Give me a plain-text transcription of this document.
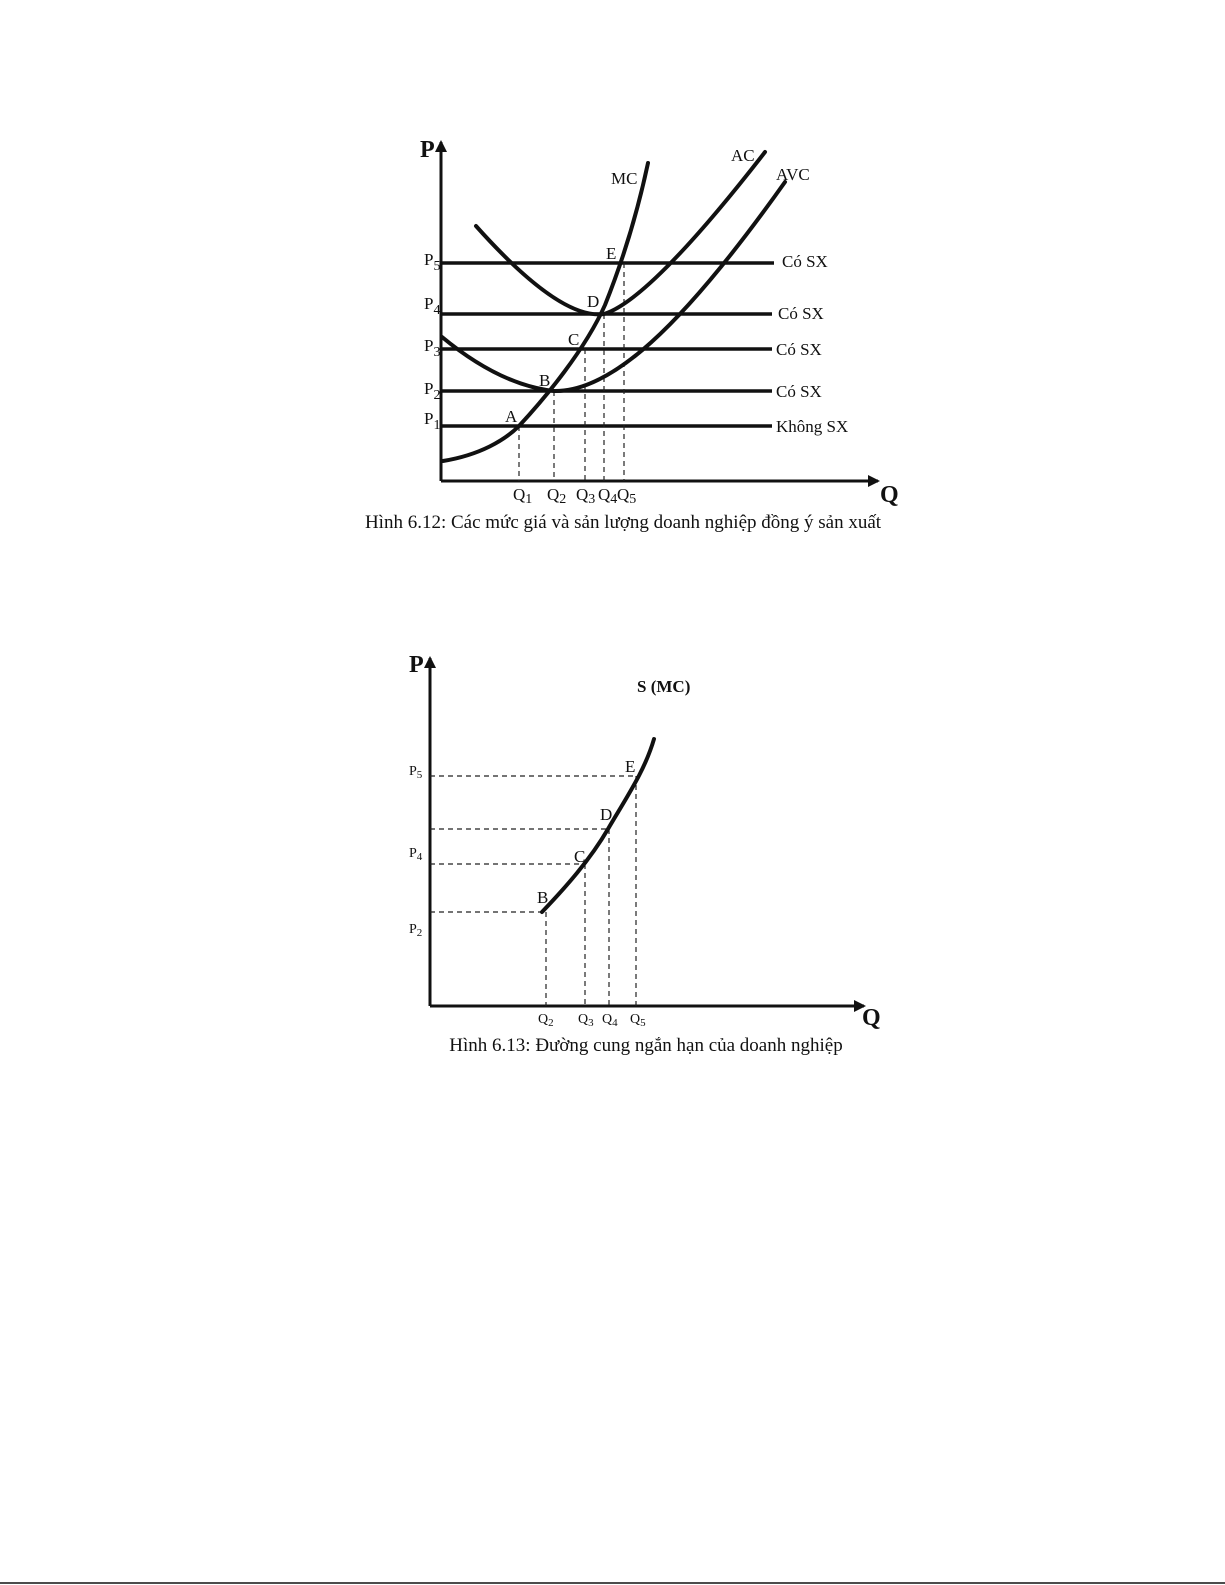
P
Q
MC
AC
AVC
$P_5$
$P_4$
$P_3$
$P_2$
$P_1$
Có SX
Có SX
Có SX
Có SX
Không SX
E
D
C
B
A
Q1 Q2 Q3 Q4 Q5
Hình 6.12: Các mức giá và sản lượng doanh nghiệp đồng ý sản xuất
P
Q
S (MC)
$P_5$
$P_4$
$P_2$
E
D
C
B
$Q_2$ $Q_3$ $Q_4$ $Q_5$
Hình 6.13: Đường cung ngắn hạn của doanh nghiệp
